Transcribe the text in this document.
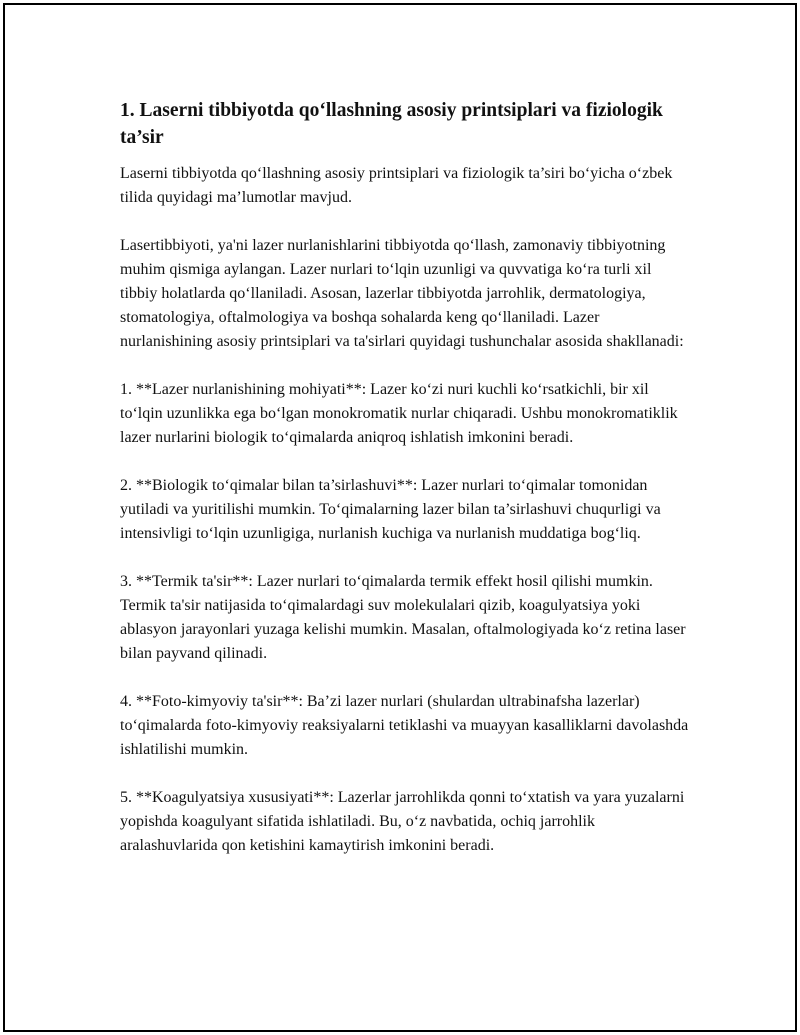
1. Laserni tibbiyotda qo‘llashning asosiy printsiplari va fiziologik ta’sir

Laserni tibbiyotda qo‘llashning asosiy printsiplari va fiziologik ta’siri bo‘yicha o‘zbek tilida quyidagi ma’lumotlar mavjud.

Lasertibbiyoti, ya'ni lazer nurlanishlarini tibbiyotda qo‘llash, zamonaviy tibbiyotning muhim qismiga aylangan. Lazer nurlari to‘lqin uzunligi va quvvatiga ko‘ra turli xil tibbiy holatlarda qo‘llaniladi. Asosan, lazerlar tibbiyotda jarrohlik, dermatologiya, stomatologiya, oftalmologiya va boshqa sohalarda keng qo‘llaniladi. Lazer nurlanishining asosiy printsiplari va ta'sirlari quyidagi tushunchalar asosida shakllanadi:

1. **Lazer nurlanishining mohiyati**: Lazer ko‘zi nuri kuchli ko‘rsatkichli, bir xil to‘lqin uzunlikka ega bo‘lgan monokromatik nurlar chiqaradi. Ushbu monokromatiklik lazer nurlarini biologik to‘qimalarda aniqroq ishlatish imkonini beradi.

2. **Biologik to‘qimalar bilan ta’sirlashuvi**: Lazer nurlari to‘qimalar tomonidan yutiladi va yuritilishi mumkin. To‘qimalarning lazer bilan ta’sirlashuvi chuqurligi va intensivligi to‘lqin uzunligiga, nurlanish kuchiga va nurlanish muddatiga bog‘liq.

3. **Termik ta'sir**: Lazer nurlari to‘qimalarda termik effekt hosil qilishi mumkin. Termik ta'sir natijasida to‘qimalardagi suv molekulalari qizib, koagulyatsiya yoki ablasyon jarayonlari yuzaga kelishi mumkin. Masalan, oftalmologiyada ko‘z retina laser bilan payvand qilinadi.

4. **Foto-kimyoviy ta'sir**: Ba’zi lazer nurlari (shulardan ultrabinafsha lazerlar) to‘qimalarda foto-kimyoviy reaksiyalarni tetiklashi va muayyan kasalliklarni davolashda ishlatilishi mumkin.

5. **Koagulyatsiya xususiyati**: Lazerlar jarrohlikda qonni to‘xtatish va yara yuzalarni yopishda koagulyant sifatida ishlatiladi. Bu, o‘z navbatida, ochiq jarrohlik aralashuvlarida qon ketishini kamaytirish imkonini beradi.
